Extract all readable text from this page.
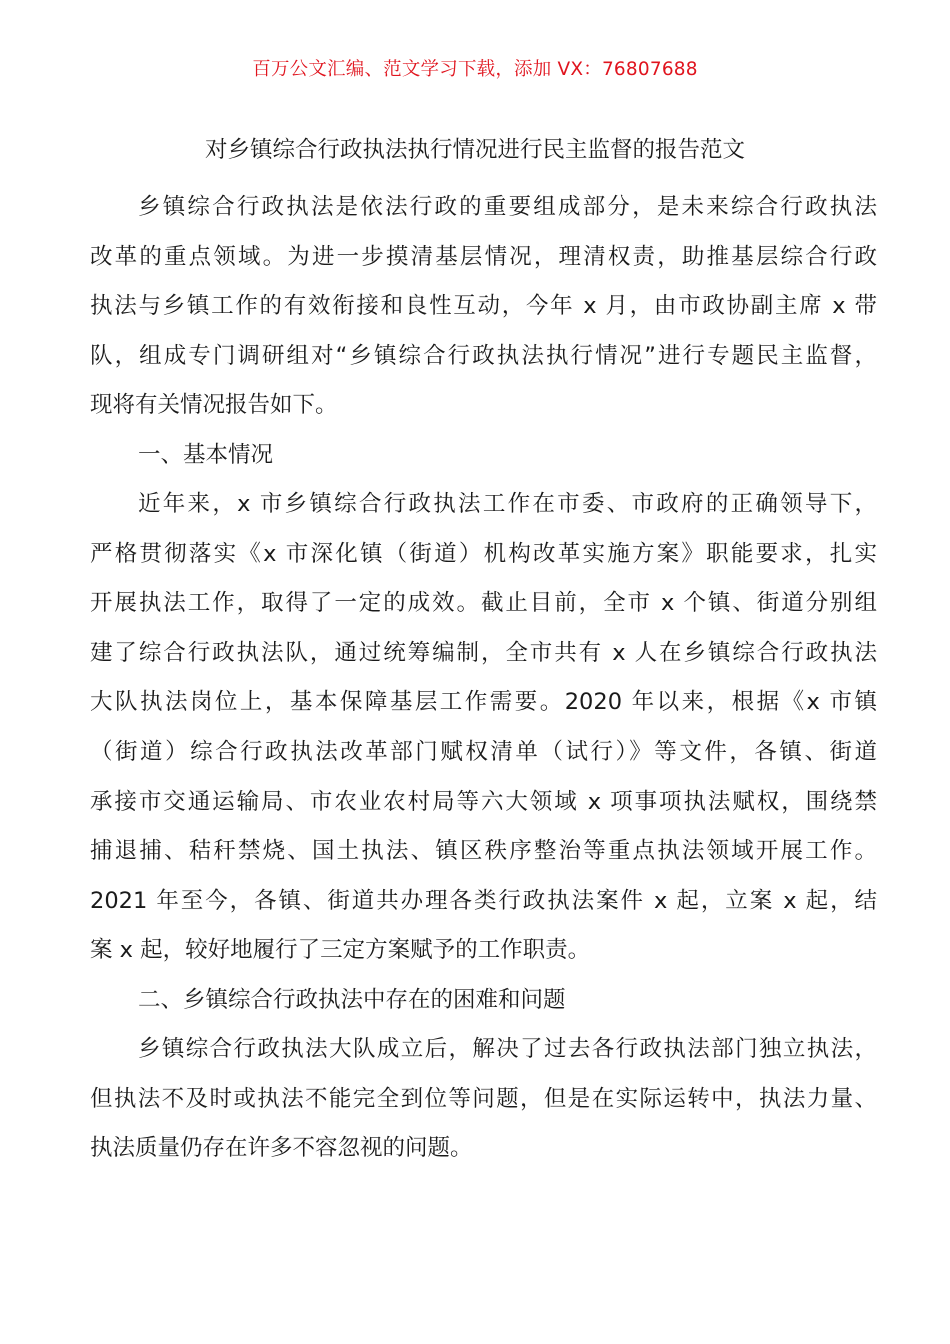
百万公文汇编、范文学习下载，添加 VX：76807688
对乡镇综合行政执法执行情况进行民主监督的报告范文
乡镇综合行政执法是依法行政的重要组成部分，是未来综合行政执法
改革的重点领域。为进一步摸清基层情况，理清权责，助推基层综合行政
执法与乡镇工作的有效衔接和良性互动，今年 x 月，由市政协副主席 x 带
队，组成专门调研组对“乡镇综合行政执法执行情况”进行专题民主监督，
现将有关情况报告如下。
一、基本情况
近年来，x 市乡镇综合行政执法工作在市委、市政府的正确领导下，
严格贯彻落实《x 市深化镇（街道）机构改革实施方案》职能要求，扎实
开展执法工作，取得了一定的成效。截止目前，全市 x 个镇、街道分别组
建了综合行政执法队，通过统筹编制，全市共有 x 人在乡镇综合行政执法
大队执法岗位上，基本保障基层工作需要。2020 年以来，根据《x 市镇
（街道）综合行政执法改革部门赋权清单（试行）》等文件，各镇、街道
承接市交通运输局、市农业农村局等六大领域 x 项事项执法赋权，围绕禁
捕退捕、秸秆禁烧、国土执法、镇区秩序整治等重点执法领域开展工作。
2021 年至今，各镇、街道共办理各类行政执法案件 x 起，立案 x 起，结
案 x 起，较好地履行了三定方案赋予的工作职责。
二、乡镇综合行政执法中存在的困难和问题
乡镇综合行政执法大队成立后，解决了过去各行政执法部门独立执法，
但执法不及时或执法不能完全到位等问题，但是在实际运转中，执法力量、
执法质量仍存在许多不容忽视的问题。
